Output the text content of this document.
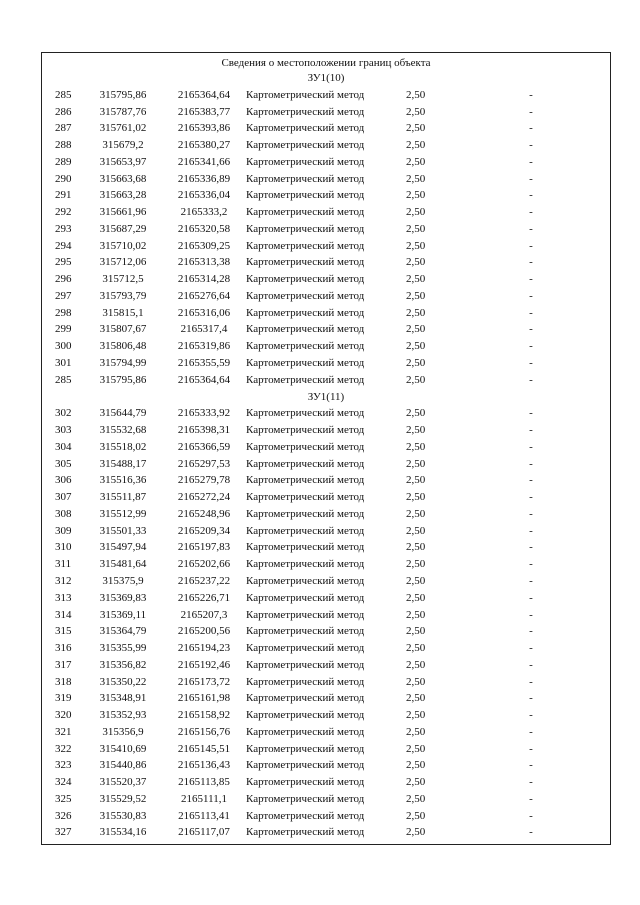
Сведения о местоположении границ объекта
ЗУ1(10)
285	315795,86	2165364,64	Картометрический метод	2,50	-
286	315787,76	2165383,77	Картометрический метод	2,50	-
287	315761,02	2165393,86	Картометрический метод	2,50	-
288	315679,2	2165380,27	Картометрический метод	2,50	-
289	315653,97	2165341,66	Картометрический метод	2,50	-
290	315663,68	2165336,89	Картометрический метод	2,50	-
291	315663,28	2165336,04	Картометрический метод	2,50	-
292	315661,96	2165333,2	Картометрический метод	2,50	-
293	315687,29	2165320,58	Картометрический метод	2,50	-
294	315710,02	2165309,25	Картометрический метод	2,50	-
295	315712,06	2165313,38	Картометрический метод	2,50	-
296	315712,5	2165314,28	Картометрический метод	2,50	-
297	315793,79	2165276,64	Картометрический метод	2,50	-
298	315815,1	2165316,06	Картометрический метод	2,50	-
299	315807,67	2165317,4	Картометрический метод	2,50	-
300	315806,48	2165319,86	Картометрический метод	2,50	-
301	315794,99	2165355,59	Картометрический метод	2,50	-
285	315795,86	2165364,64	Картометрический метод	2,50	-
ЗУ1(11)
302	315644,79	2165333,92	Картометрический метод	2,50	-
303	315532,68	2165398,31	Картометрический метод	2,50	-
304	315518,02	2165366,59	Картометрический метод	2,50	-
305	315488,17	2165297,53	Картометрический метод	2,50	-
306	315516,36	2165279,78	Картометрический метод	2,50	-
307	315511,87	2165272,24	Картометрический метод	2,50	-
308	315512,99	2165248,96	Картометрический метод	2,50	-
309	315501,33	2165209,34	Картометрический метод	2,50	-
310	315497,94	2165197,83	Картометрический метод	2,50	-
311	315481,64	2165202,66	Картометрический метод	2,50	-
312	315375,9	2165237,22	Картометрический метод	2,50	-
313	315369,83	2165226,71	Картометрический метод	2,50	-
314	315369,11	2165207,3	Картометрический метод	2,50	-
315	315364,79	2165200,56	Картометрический метод	2,50	-
316	315355,99	2165194,23	Картометрический метод	2,50	-
317	315356,82	2165192,46	Картометрический метод	2,50	-
318	315350,22	2165173,72	Картометрический метод	2,50	-
319	315348,91	2165161,98	Картометрический метод	2,50	-
320	315352,93	2165158,92	Картометрический метод	2,50	-
321	315356,9	2165156,76	Картометрический метод	2,50	-
322	315410,69	2165145,51	Картометрический метод	2,50	-
323	315440,86	2165136,43	Картометрический метод	2,50	-
324	315520,37	2165113,85	Картометрический метод	2,50	-
325	315529,52	2165111,1	Картометрический метод	2,50	-
326	315530,83	2165113,41	Картометрический метод	2,50	-
327	315534,16	2165117,07	Картометрический метод	2,50	-
